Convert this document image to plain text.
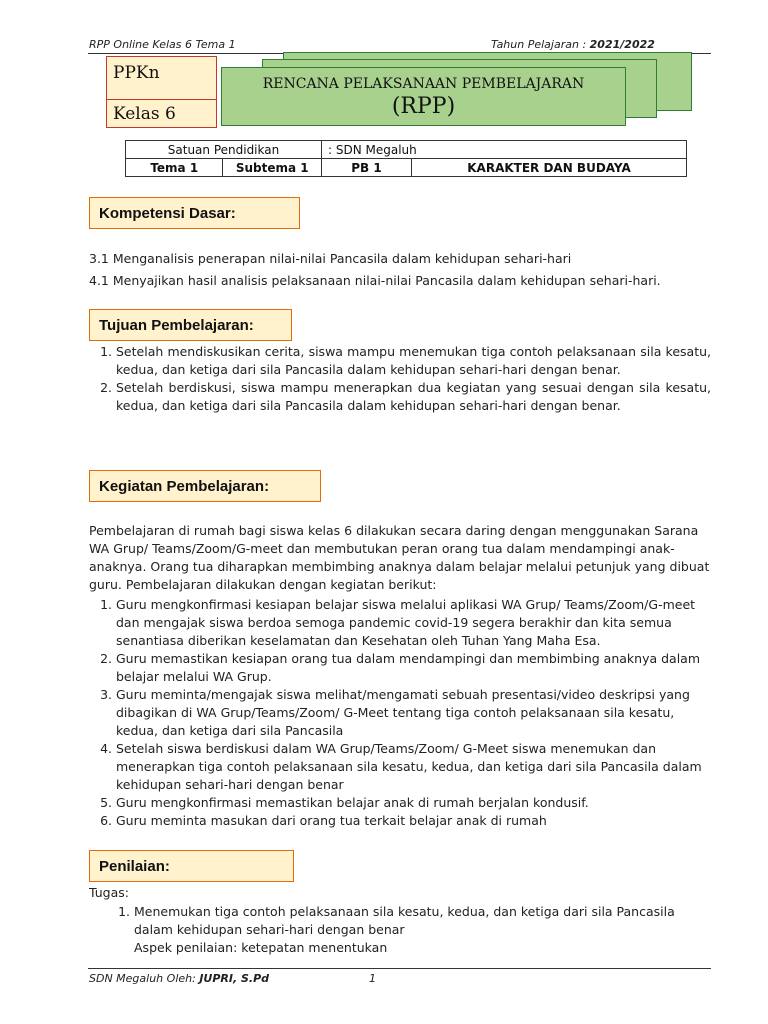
RPP Online Kelas 6 Tema 1	Tahun Pelajaran : 2021/2022
PPKn
Kelas 6
RENCANA PELAKSANAAN PEMBELAJARAN
(RPP)
Satuan Pendidikan		: SDN Megaluh	
Tema 1	Subtema 1	PB 1	KARAKTER DAN BUDAYA
Kompetensi Dasar:
3.1 Menganalisis penerapan nilai-nilai Pancasila dalam kehidupan sehari-hari
4.1 Menyajikan hasil analisis pelaksanaan nilai-nilai Pancasila dalam kehidupan sehari-hari.
Tujuan Pembelajaran:
1. Setelah mendiskusikan cerita, siswa mampu menemukan tiga contoh pelaksanaan sila kesatu, kedua, dan ketiga dari sila Pancasila dalam kehidupan sehari-hari dengan benar.
2. Setelah berdiskusi, siswa mampu menerapkan dua kegiatan yang sesuai dengan sila kesatu, kedua, dan ketiga dari sila Pancasila dalam kehidupan sehari-hari dengan benar.
Kegiatan Pembelajaran:
Pembelajaran di rumah bagi siswa kelas 6 dilakukan secara daring dengan menggunakan Sarana WA Grup/ Teams/Zoom/G-meet dan membutukan peran orang tua dalam mendampingi anak-anaknya. Orang tua diharapkan membimbing anaknya dalam belajar melalui petunjuk yang dibuat guru. Pembelajaran dilakukan dengan kegiatan berikut:
1. Guru mengkonfirmasi kesiapan belajar siswa melalui aplikasi WA Grup/ Teams/Zoom/G-meet dan mengajak siswa berdoa semoga pandemic covid-19 segera berakhir dan kita semua senantiasa diberikan keselamatan dan Kesehatan oleh Tuhan Yang Maha Esa.
2. Guru memastikan kesiapan orang tua dalam mendampingi dan membimbing anaknya dalam belajar melalui WA Grup.
3. Guru meminta/mengajak siswa melihat/mengamati sebuah presentasi/video deskripsi yang dibagikan di WA Grup/Teams/Zoom/ G-Meet tentang tiga contoh pelaksanaan sila kesatu, kedua, dan ketiga dari sila Pancasila
4. Setelah siswa berdiskusi dalam WA Grup/Teams/Zoom/ G-Meet siswa menemukan dan menerapkan tiga contoh pelaksanaan sila kesatu, kedua, dan ketiga dari sila Pancasila dalam kehidupan sehari-hari dengan benar
5. Guru mengkonfirmasi memastikan belajar anak di rumah berjalan kondusif.
6. Guru meminta masukan dari orang tua terkait belajar anak di rumah
Penilaian:
Tugas:
1. Menemukan tiga contoh pelaksanaan sila kesatu, kedua, dan ketiga dari sila Pancasila dalam kehidupan sehari-hari dengan benar
Aspek penilaian: ketepatan menentukan
SDN Megaluh Oleh: JUPRI, S.Pd	1
